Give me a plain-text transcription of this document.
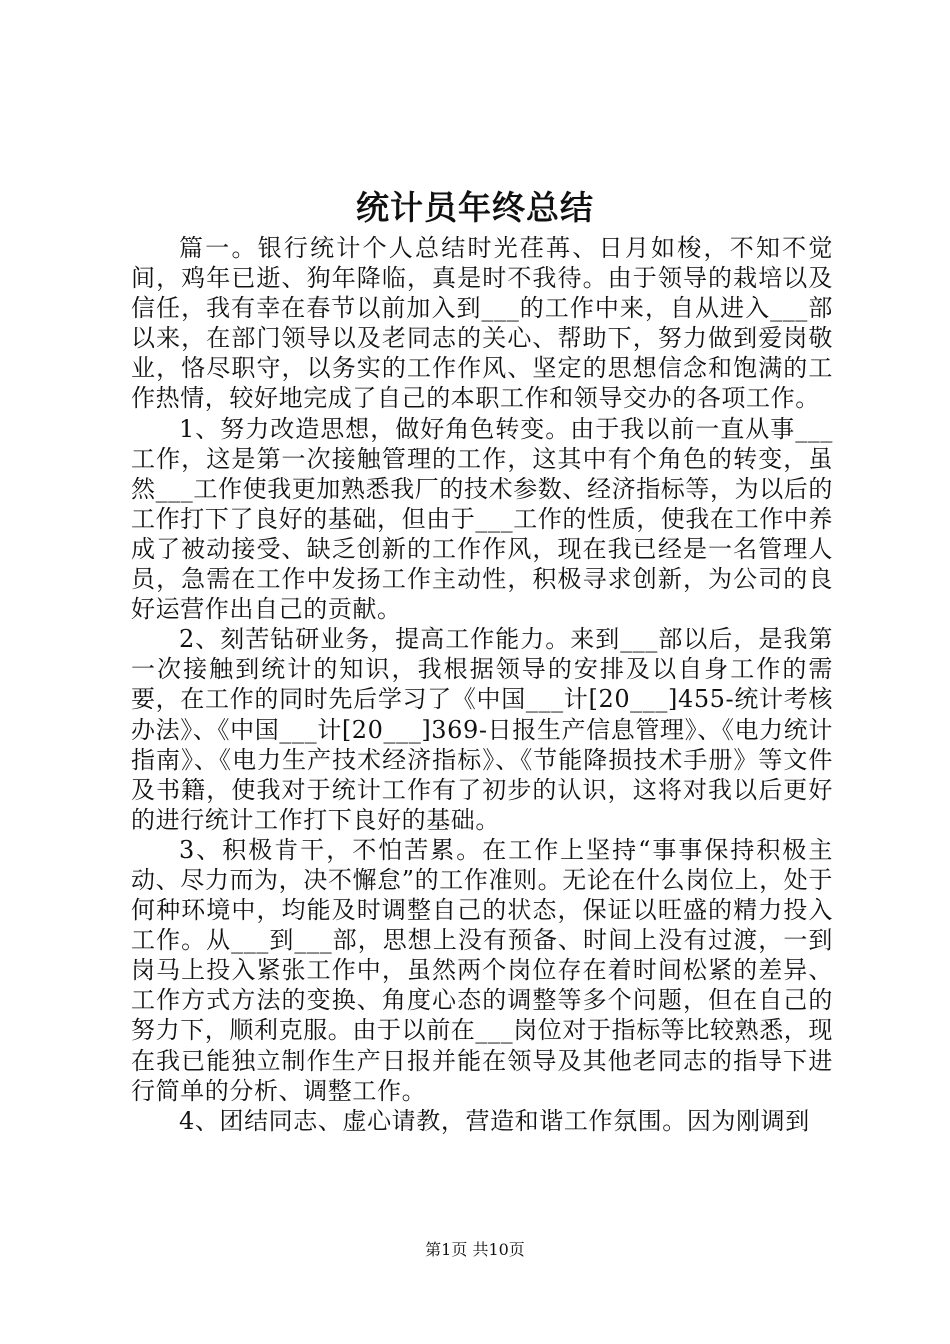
统计员年终总结

篇一。银行统计个人总结时光荏苒、日月如梭，不知不觉间，鸡年已逝、狗年降临，真是时不我待。由于领导的栽培以及信任，我有幸在春节以前加入到___的工作中来，自从进入___部以来，在部门领导以及老同志的关心、帮助下，努力做到爱岗敬业，恪尽职守，以务实的工作作风、坚定的思想信念和饱满的工作热情，较好地完成了自己的本职工作和领导交办的各项工作。

1、努力改造思想，做好角色转变。由于我以前一直从事___工作，这是第一次接触管理的工作，这其中有个角色的转变，虽然___工作使我更加熟悉我厂的技术参数、经济指标等，为以后的工作打下了良好的基础，但由于___工作的性质，使我在工作中养成了被动接受、缺乏创新的工作作风，现在我已经是一名管理人员，急需在工作中发扬工作主动性，积极寻求创新，为公司的良好运营作出自己的贡献。

2、刻苦钻研业务，提高工作能力。来到___部以后，是我第一次接触到统计的知识，我根据领导的安排及以自身工作的需要，在工作的同时先后学习了《中国___计[20___]455-统计考核办法》、《中国___计[20___]369-日报生产信息管理》、《电力统计指南》、《电力生产技术经济指标》、《节能降损技术手册》等文件及书籍，使我对于统计工作有了初步的认识，这将对我以后更好的进行统计工作打下良好的基础。

3、积极肯干，不怕苦累。在工作上坚持“事事保持积极主动、尽力而为，决不懈怠”的工作准则。无论在什么岗位上，处于何种环境中，均能及时调整自己的状态，保证以旺盛的精力投入工作。从___到___部，思想上没有预备、时间上没有过渡，一到岗马上投入紧张工作中，虽然两个岗位存在着时间松紧的差异、工作方式方法的变换、角度心态的调整等多个问题，但在自己的努力下，顺利克服。由于以前在___岗位对于指标等比较熟悉，现在我已能独立制作生产日报并能在领导及其他老同志的指导下进行简单的分析、调整工作。

4、团结同志、虚心请教，营造和谐工作氛围。因为刚调到

第1页 共10页
